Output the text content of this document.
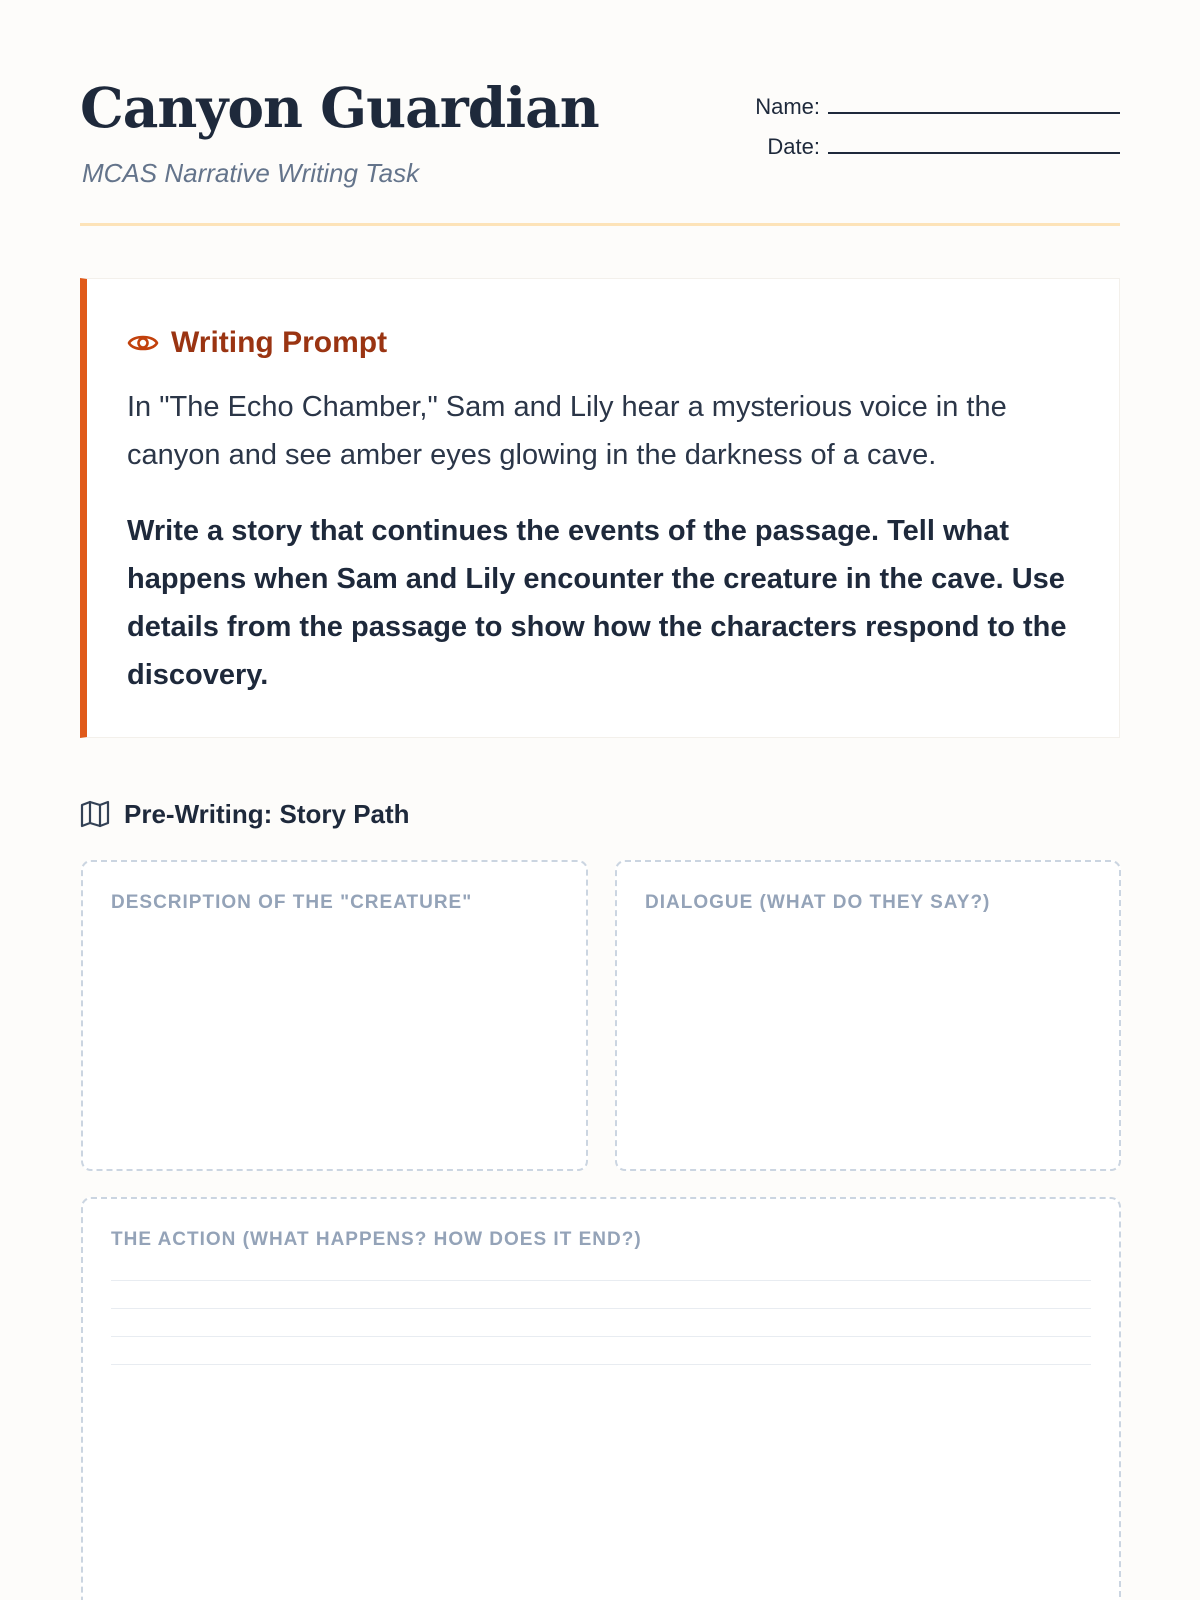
Canyon Guardian
MCAS Narrative Writing Task
Name:
Date:
Writing Prompt

In "The Echo Chamber," Sam and Lily hear a mysterious voice in the canyon and see amber eyes glowing in the darkness of a cave.

Write a story that continues the events of the passage. Tell what happens when Sam and Lily encounter the creature in the cave. Use details from the passage to show how the characters respond to the discovery.

Pre-Writing: Story Path
DESCRIPTION OF THE "CREATURE"	DIALOGUE (WHAT DO THEY SAY?)
THE ACTION (WHAT HAPPENS? HOW DOES IT END?)
